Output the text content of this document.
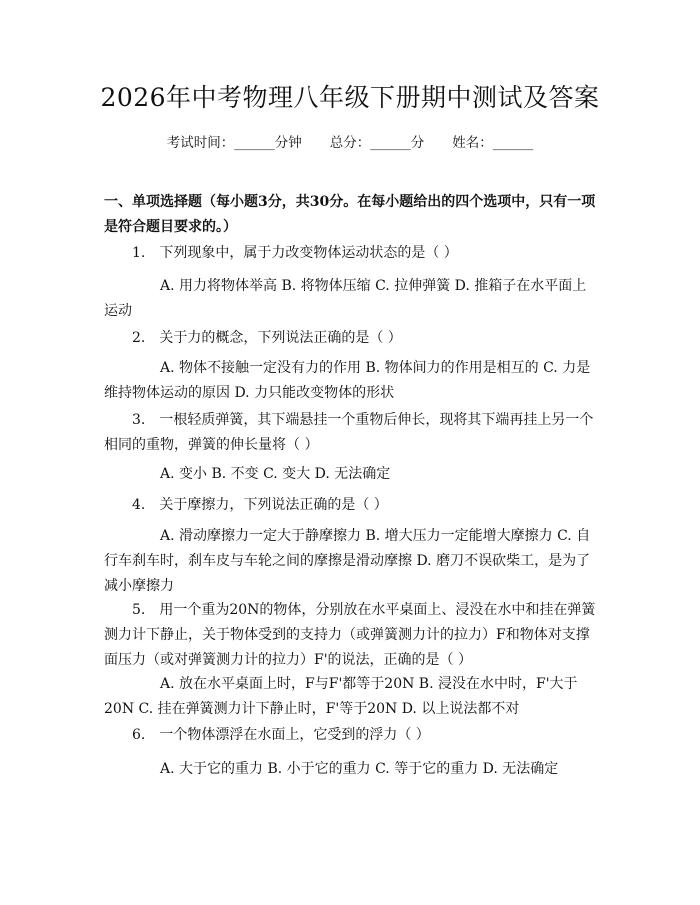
2026年中考物理八年级下册期中测试及答案
考试时间：______分钟 总分：______分 姓名：______
一、单项选择题（每小题3分，共30分。在每小题给出的四个选项中，只有一项是符合题目要求的。）
1.　下列现象中，属于力改变物体运动状态的是（ ）
A. 用力将物体举高 B. 将物体压缩 C. 拉伸弹簧 D. 推箱子在水平面上运动
2.　关于力的概念，下列说法正确的是（ ）
A. 物体不接触一定没有力的作用 B. 物体间力的作用是相互的 C. 力是维持物体运动的原因 D. 力只能改变物体的形状
3.　一根轻质弹簧，其下端悬挂一个重物后伸长，现将其下端再挂上另一个相同的重物，弹簧的伸长量将（ ）
A. 变小 B. 不变 C. 变大 D. 无法确定
4.　关于摩擦力，下列说法正确的是（ ）
A. 滑动摩擦力一定大于静摩擦力 B. 增大压力一定能增大摩擦力 C. 自行车刹车时，刹车皮与车轮之间的摩擦是滑动摩擦 D. 磨刀不误砍柴工，是为了减小摩擦力
5.　用一个重为20N的物体，分别放在水平桌面上、浸没在水中和挂在弹簧测力计下静止，关于物体受到的支持力（或弹簧测力计的拉力）F和物体对支撑面压力（或对弹簧测力计的拉力）F'的说法，正确的是（ ）
A. 放在水平桌面上时，F与F'都等于20N B. 浸没在水中时，F'大于20N C. 挂在弹簧测力计下静止时，F'等于20N D. 以上说法都不对
6.　一个物体漂浮在水面上，它受到的浮力（ ）
A. 大于它的重力 B. 小于它的重力 C. 等于它的重力 D. 无法确定
